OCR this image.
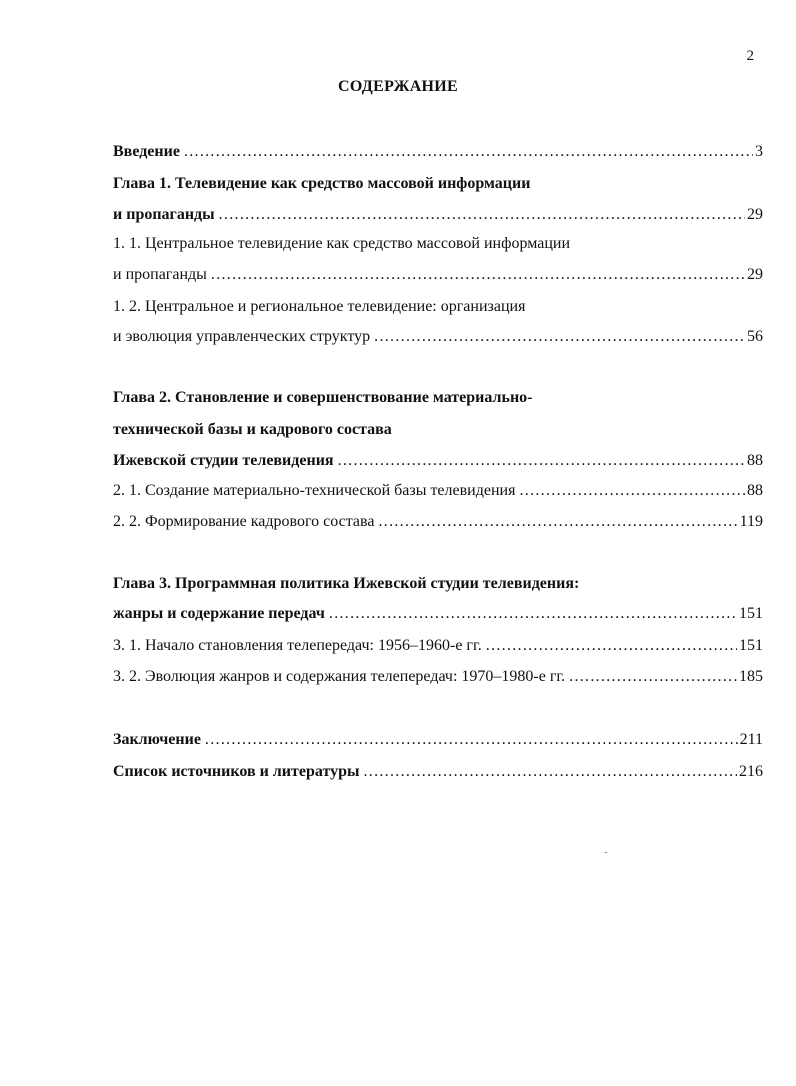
2
СОДЕРЖАНИЕ
Введение .....	3
Глава 1. Телевидение как средство массовой информации
и пропаганды .....	29
1. 1. Центральное телевидение как средство массовой информации
и пропаганды .....	29
1. 2. Центральное и региональное телевидение: организация
и эволюция управленческих структур .....	56
Глава 2. Становление и совершенствование материально-
технической базы и кадрового состава
Ижевской студии телевидения .....	88
2. 1. Создание материально-технической базы телевидения .....	88
2. 2. Формирование кадрового состава .....	119
Глава 3. Программная политика Ижевской студии телевидения:
жанры и содержание передач .....	151
3. 1. Начало становления телепередач: 1956–1960-е гг. .....	151
3. 2. Эволюция жанров и содержания телепередач: 1970–1980-е гг. .....	185
Заключение .....	211
Список источников и литературы .....	216
